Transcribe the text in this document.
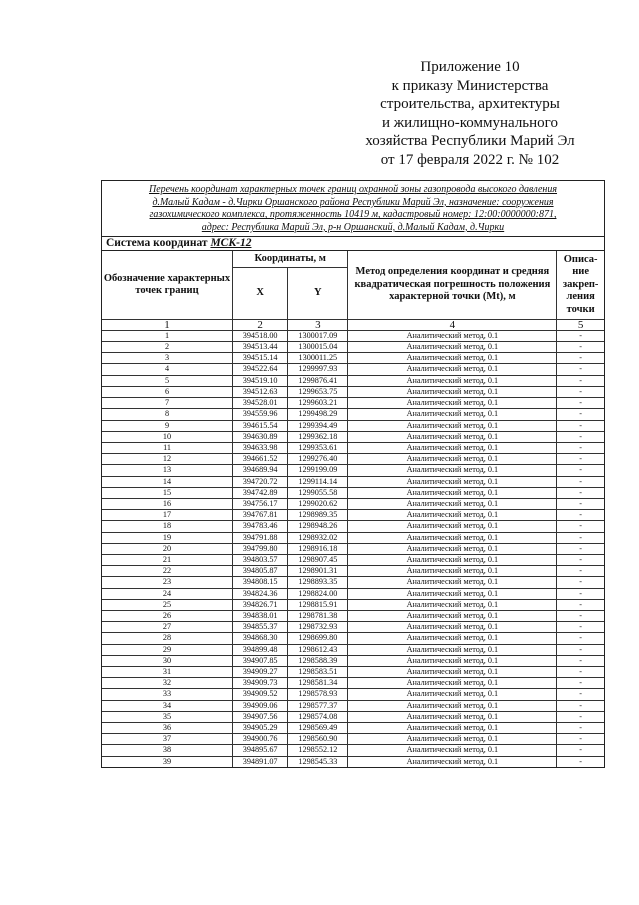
Приложение 10
к приказу Министерства
строительства, архитектуры
и жилищно-коммунального
хозяйства Республики Марий Эл
от 17 февраля 2022 г. № 102
Перечень координат характерных точек границ охранной зоны газопровода высокого давления
д.Малый Кадам - д.Чирки Оршанского района Республики Марий Эл, назначение: сооружения
газохимического комплекса, протяженность 10419 м, кадастровый номер: 12:00:0000000:871,
адрес: Республика Марий Эл, р-н Оршанский, д.Малый Кадам, д.Чирки
Система координат МСК-12
Обозначение характерных точек границ	Координаты, м		Метод определения координат и средняя квадратическая погрешность положения характерной точки (Mt), м	Описа-ние закреп-ления точки
	X	Y		
1	2	3	4	5
1	394518.00	1300017.09	Аналитический метод, 0.1	-
2	394513.44	1300015.04	Аналитический метод, 0.1	-
3	394515.14	1300011.25	Аналитический метод, 0.1	-
4	394522.64	1299997.93	Аналитический метод, 0.1	-
5	394519.10	1299876.41	Аналитический метод, 0.1	-
6	394512.63	1299653.75	Аналитический метод, 0.1	-
7	394528.01	1299603.21	Аналитический метод, 0.1	-
8	394559.96	1299498.29	Аналитический метод, 0.1	-
9	394615.54	1299394.49	Аналитический метод, 0.1	-
10	394630.89	1299362.18	Аналитический метод, 0.1	-
11	394633.98	1299353.61	Аналитический метод, 0.1	-
12	394661.52	1299276.40	Аналитический метод, 0.1	-
13	394689.94	1299199.09	Аналитический метод, 0.1	-
14	394720.72	1299114.14	Аналитический метод, 0.1	-
15	394742.89	1299055.58	Аналитический метод, 0.1	-
16	394756.17	1299020.62	Аналитический метод, 0.1	-
17	394767.81	1298989.35	Аналитический метод, 0.1	-
18	394783.46	1298948.26	Аналитический метод, 0.1	-
19	394791.88	1298932.02	Аналитический метод, 0.1	-
20	394799.80	1298916.18	Аналитический метод, 0.1	-
21	394803.57	1298907.45	Аналитический метод, 0.1	-
22	394805.87	1298901.31	Аналитический метод, 0.1	-
23	394808.15	1298893.35	Аналитический метод, 0.1	-
24	394824.36	1298824.00	Аналитический метод, 0.1	-
25	394826.71	1298815.91	Аналитический метод, 0.1	-
26	394838.01	1298781.38	Аналитический метод, 0.1	-
27	394855.37	1298732.93	Аналитический метод, 0.1	-
28	394868.30	1298699.80	Аналитический метод, 0.1	-
29	394899.48	1298612.43	Аналитический метод, 0.1	-
30	394907.85	1298588.39	Аналитический метод, 0.1	-
31	394909.27	1298583.51	Аналитический метод, 0.1	-
32	394909.73	1298581.34	Аналитический метод, 0.1	-
33	394909.52	1298578.93	Аналитический метод, 0.1	-
34	394909.06	1298577.37	Аналитический метод, 0.1	-
35	394907.56	1298574.08	Аналитический метод, 0.1	-
36	394905.29	1298569.49	Аналитический метод, 0.1	-
37	394900.76	1298560.90	Аналитический метод, 0.1	-
38	394895.67	1298552.12	Аналитический метод, 0.1	-
39	394891.07	1298545.33	Аналитический метод, 0.1	-
